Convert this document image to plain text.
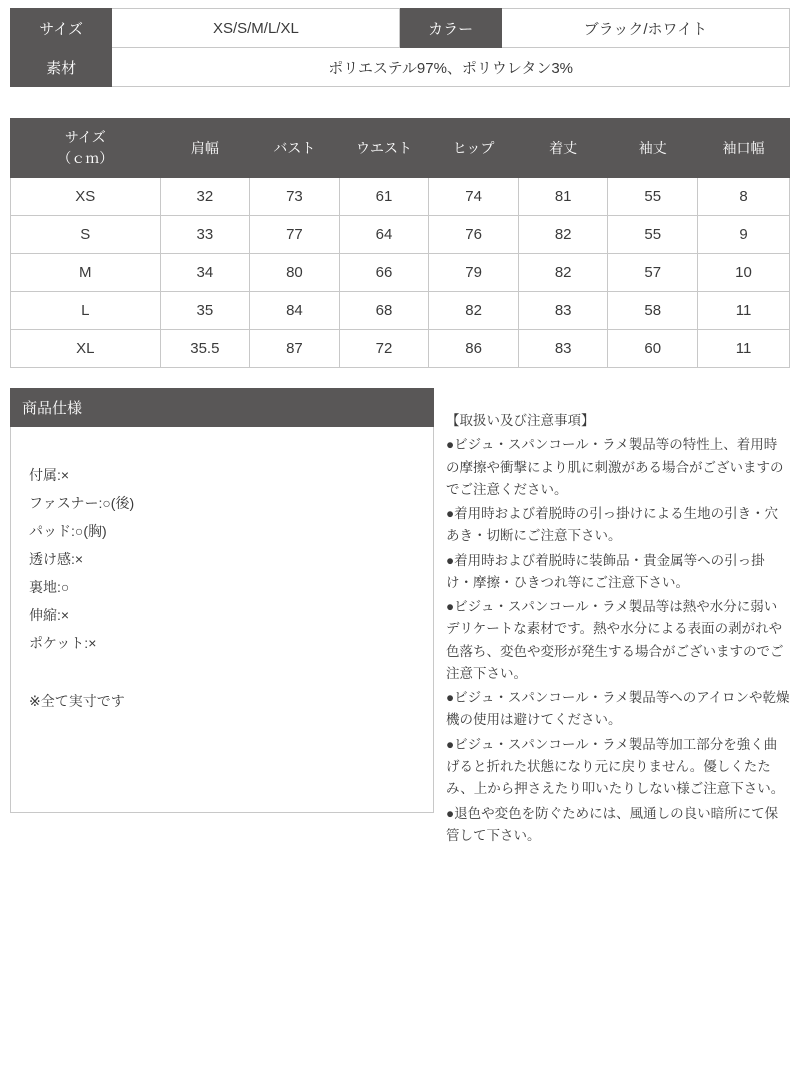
サイズ	XS/S/M/L/XL	カラー	ブラック/ホワイト
素材	ポリエステル97%、ポリウレタン3%		
サイズ
（ｃｍ）	肩幅	バスト	ウエスト	ヒップ	着丈	袖丈	袖口幅
XS	32	73	61	74	81	55	8
S	33	77	64	76	82	55	9
M	34	80	66	79	82	57	10
L	35	84	68	82	83	58	11
XL	35.5	87	72	86	83	60	11
商品仕様
付属:×
ファスナー:○(後)
パッド:○(胸)
透け感:×
裏地:○
伸縮:×
ポケット:×
※全て実寸です

【取扱い及び注意事項】

●ビジュ・スパンコール・ラメ製品等の特性上、着用時の摩擦や衝撃により肌に刺激がある場合がございますのでご注意ください。

●着用時および着脱時の引っ掛けによる生地の引き・穴あき・切断にご注意下さい。

●着用時および着脱時に装飾品・貴金属等への引っ掛け・摩擦・ひきつれ等にご注意下さい。

●ビジュ・スパンコール・ラメ製品等は熱や水分に弱いデリケートな素材です。熱や水分による表面の剥がれや色落ち、変色や変形が発生する場合がございますのでご注意下さい。

●ビジュ・スパンコール・ラメ製品等へのアイロンや乾燥機の使用は避けてください。

●ビジュ・スパンコール・ラメ製品等加工部分を強く曲げると折れた状態になり元に戻りません。優しくたたみ、上から押さえたり叩いたりしない様ご注意下さい。

●退色や変色を防ぐためには、風通しの良い暗所にて保管して下さい。
